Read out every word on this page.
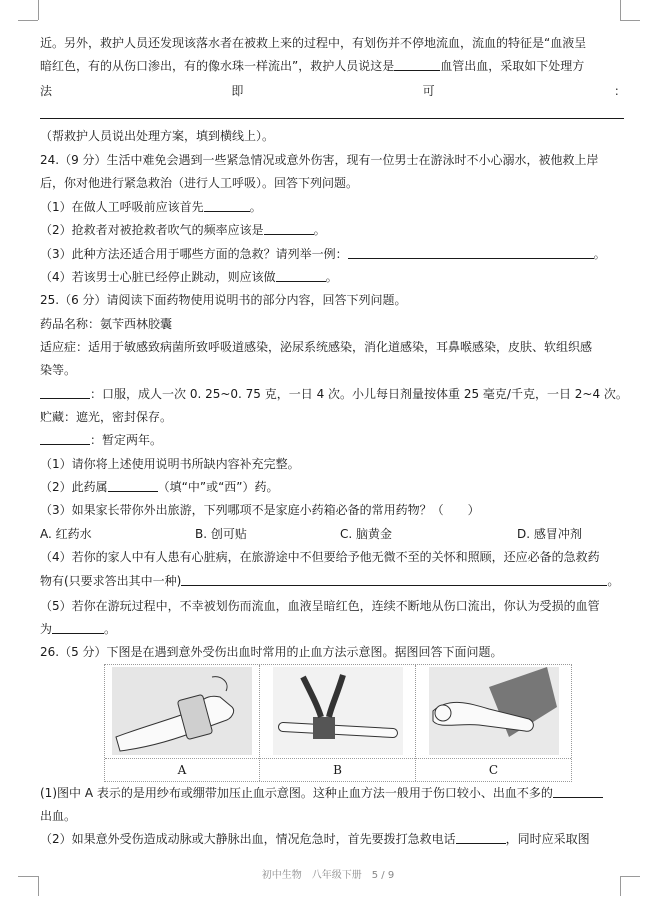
近。另外，救护人员还发现该落水者在被救上来的过程中，有划伤并不停地流血，流血的特征是“血液呈
暗红色，有的从伤口渗出，有的像水珠一样流出”，救护人员说这是	血管出血，采取如下处理方
法	即	可	：
（帮救护人员说出处理方案，填到横线上）。
24.（9 分）生活中难免会遇到一些紧急情况或意外伤害，现有一位男士在游泳时不小心溺水，被他救上岸
后，你对他进行紧急救治（进行人工呼吸）。回答下列问题。
（1）在做人工呼吸前应该首先	。
（2）抢救者对被抢救者吹气的频率应该是	。
（3）此种方法还适合用于哪些方面的急救？请列举一例：	。
（4）若该男士心脏已经停止跳动，则应该做	。
25.（6 分）请阅读下面药物使用说明书的部分内容，回答下列问题。
药品名称：氨苄西林胶囊
适应症：适用于敏感致病菌所致呼吸道感染，泌尿系统感染，消化道感染，耳鼻喉感染，皮肤、软组织感
染等。
：口服，成人一次 0. 25~0. 75 克，一日 4 次。小儿每日剂量按体重 25 毫克/千克，一日 2~4 次。
贮藏：遮光，密封保存。
：暂定两年。
（1）请你将上述使用说明书所缺内容补充完整。
（2）此药属	（填“中”或“西”）药。
（3）如果家长带你外出旅游，下列哪项不是家庭小药箱必备的常用药物？（　　）
A. 红药水	B. 创可贴	C. 脑黄金	D. 感冒冲剂
（4）若你的家人中有人患有心脏病，在旅游途中不但要给予他无微不至的关怀和照顾，还应必备的急救药
物有(只要求答出其中一种)	。
（5）若你在游玩过程中，不幸被划伤而流血，血液呈暗红色，连续不断地从伤口流出，你认为受损的血管
为	。
26.（5 分）下图是在遇到意外受伤出血时常用的止血方法示意图。据图回答下面问题。
A	B	C
(1)图中 A 表示的是用纱布或绷带加压止血示意图。这种止血方法一般用于伤口较小、出血不多的
出血。
（2）如果意外受伤造成动脉或大静脉出血，情况危急时，首先要拨打急救电话	，同时应采取图
初中生物　八年级下册　5 / 9
